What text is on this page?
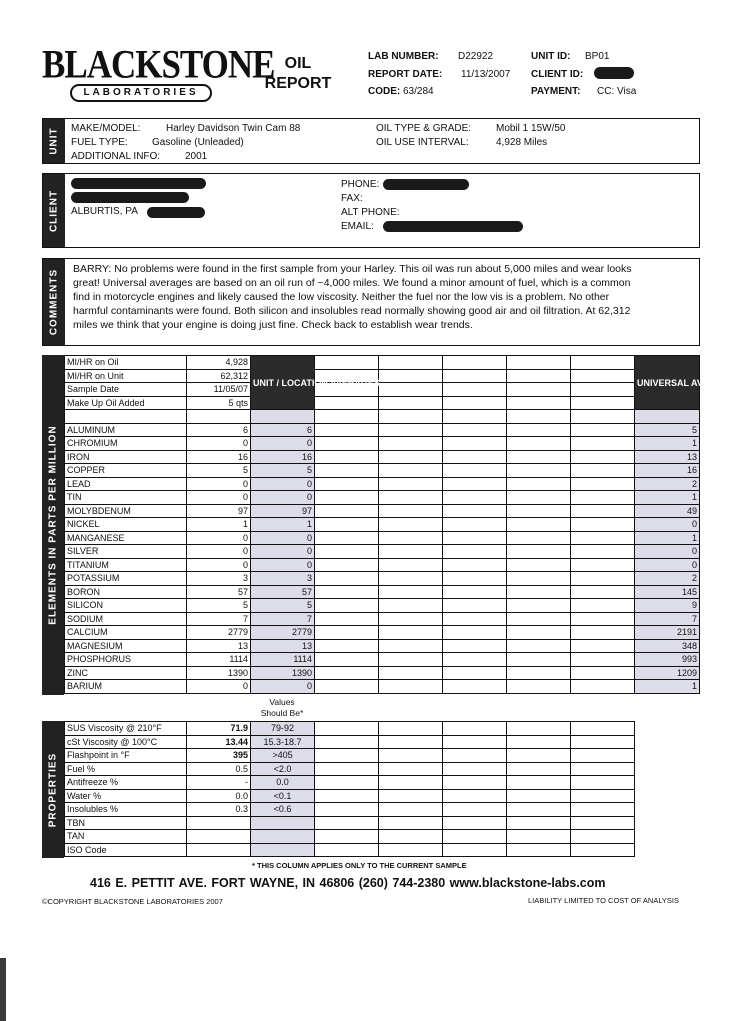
BLACKSTONE
LABORATORIES
OIL
REPORT
LAB NUMBER: D22922
REPORT DATE: 11/13/2007
CODE: 63/284
UNIT ID: BP01
CLIENT ID:
PAYMENT: CC: Visa
UNIT MAKE/MODEL:	Harley Davidson Twin Cam 88
FUEL TYPE: Gasoline (Unleaded)
ADDITIONAL INFO: 2001
OIL TYPE & GRADE: Mobil 1 15W/50
OIL USE INTERVAL:	4,928 Miles
CLIENT ALBURTIS, PA
PHONE:
FAX:
ALT PHONE:
EMAIL:
COMMENTS BARRY: No problems were found in the first sample from your Harley. This oil was run about 5,000 miles and wear looks great! Universal averages are based on an oil run of ~4,000 miles. We found a minor amount of fuel, which is a common find in motorcycle engines and likely caused the low viscosity. Neither the fuel nor the low vis is a problem. No other harmful contaminants were found. Both silicon and insolubles read normally showing good air and oil filtration. At 62,312 miles we think that your engine is doing just fine. Check back to establish wear trends.
ELEMENTS IN PARTS PER MILLION
MI/HR on Oil	4,928	UNIT / LOCATION AVERAGES						UNIVERSAL AVERAGES
MI/HR on Unit	62,312							
Sample Date	11/05/07							
Make Up Oil Added	5 qts							

ALUMINUM	6	6						5
CHROMIUM	0	0						1
IRON	16	16						13
COPPER	5	5						16
LEAD	0	0						2
TIN	0	0						1
MOLYBDENUM	97	97						49
NICKEL	1	1						0
MANGANESE	0	0						1
SILVER	0	0						0
TITANIUM	0	0						0
POTASSIUM	3	3						2
BORON	57	57						145
SILICON	5	5						9
SODIUM	7	7						7
CALCIUM	2779	2779						2191
MAGNESIUM	13	13						348
PHOSPHORUS	1114	1114						993
ZINC	1390	1390						1209
BARIUM	0	0						1
Values
Should Be*
PROPERTIES
SUS Viscosity @ 210°F	71.9	79-92					
cSt Viscosity @ 100°C	13.44	15.3-18.7					
Flashpoint in °F	395	>405					
Fuel %	0.5	<2.0					
Antifreeze %	-	0.0					
Water %	0.0	<0.1					
Insolubles %	0.3	<0.6					
TBN							
TAN							
ISO Code							
* THIS COLUMN APPLIES ONLY TO THE CURRENT SAMPLE
416 E. PETTIT AVE. FORT WAYNE, IN 46806 (260) 744-2380 www.blackstone-labs.com
©COPYRIGHT BLACKSTONE LABORATORIES 2007	LIABILITY LIMITED TO COST OF ANALYSIS
